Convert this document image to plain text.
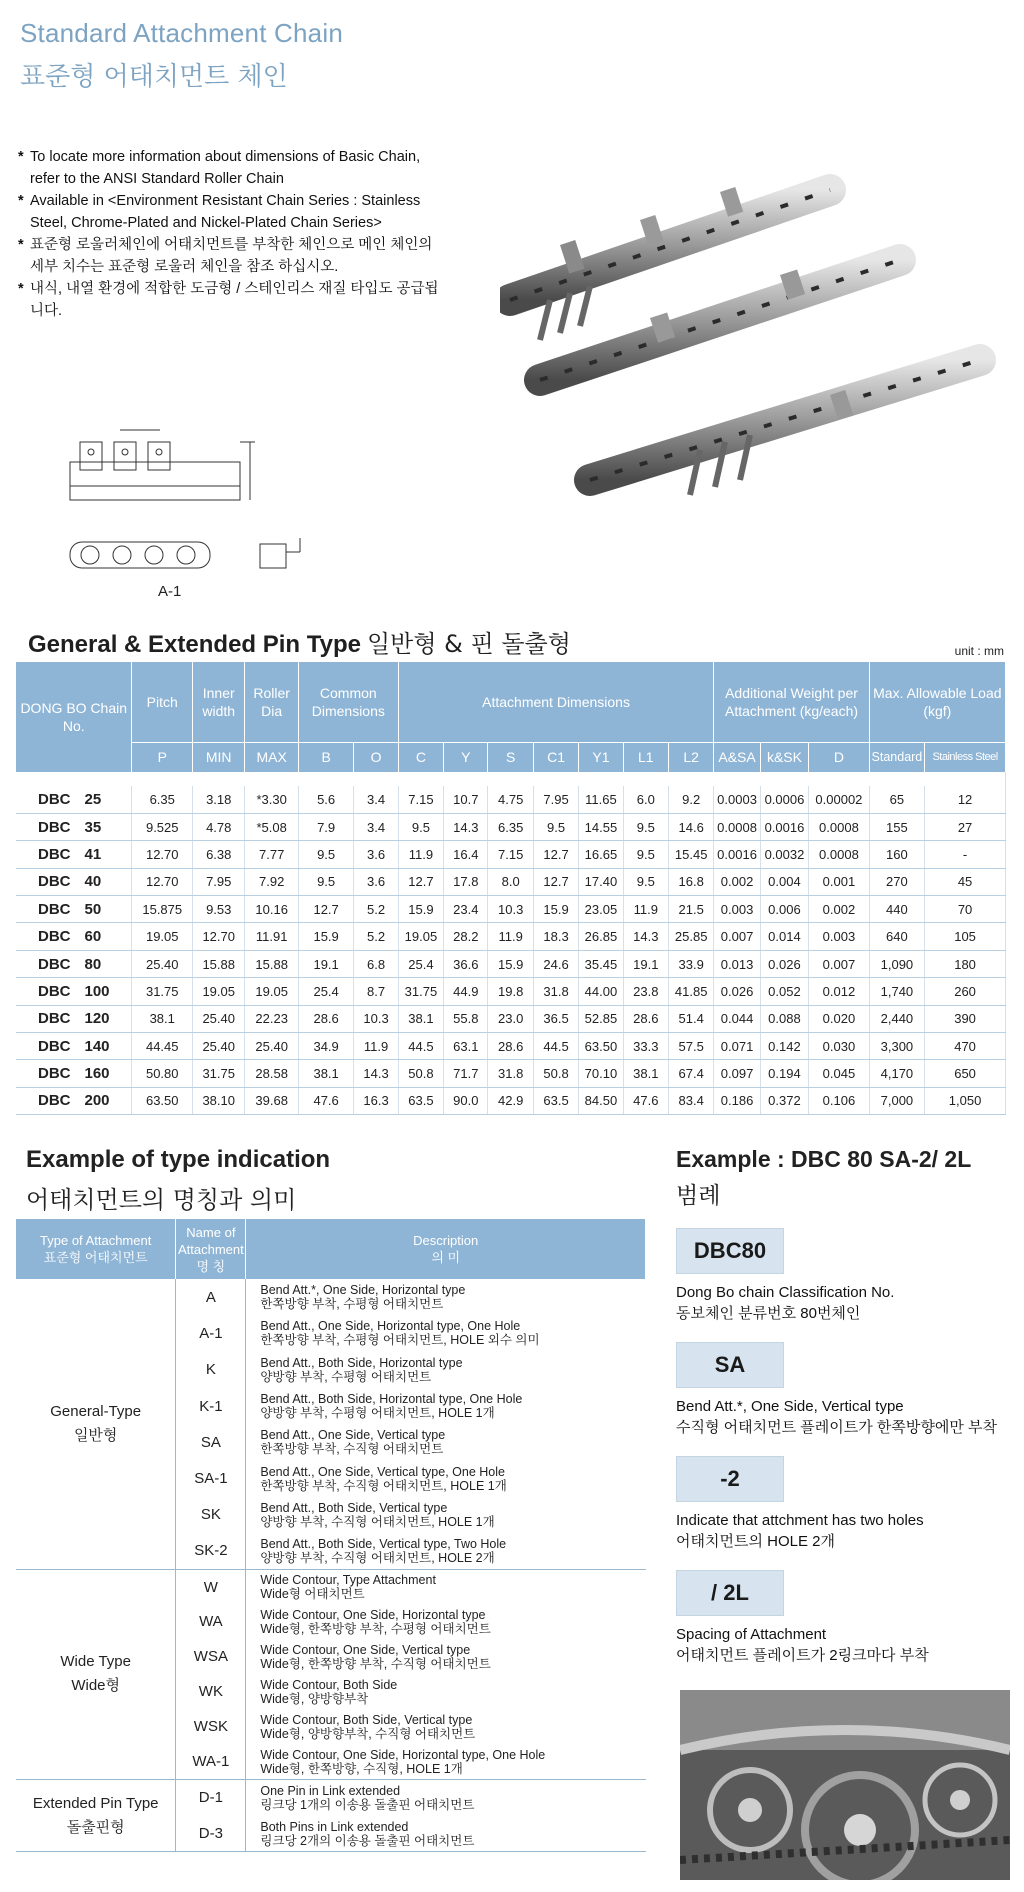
Standard Attachment Chain
표준형 어태치먼트 체인
* To locate more information about dimensions of Basic Chain, refer to the ANSI Standard Roller Chain
* Available in <Environment Resistant Chain Series : Stainless Steel, Chrome-Plated and Nickel-Plated Chain Series>
* 표준형 로울러체인에 어태치먼트를 부착한 체인으로 메인 체인의 세부 치수는 표준형 로울러 체인을 참조 하십시오.
* 내식, 내열 환경에 적합한 도금형 / 스테인리스 재질 타입도 공급됩니다.
A-1
General & Extended Pin Type 일반형 & 핀 돌출형	unit : mm
DONG BO Chain No.	Pitch	Inner width	Roller Dia	Common Dimensions		Attachment Dimensions							Additional Weight per Attachment (kg/each)			Max. Allowable Load (kgf)	
	P	MIN	MAX	B	O	C	Y	S	C1	Y1	L1	L2	A&SA	k&SK	D	Standard	Stainless Steel

DBC 25	6.35	3.18	*3.30	5.6	3.4	7.15	10.7	4.75	7.95	11.65	6.0	9.2	0.0003	0.0006	0.00002	65	12
DBC 35	9.525	4.78	*5.08	7.9	3.4	9.5	14.3	6.35	9.5	14.55	9.5	14.6	0.0008	0.0016	0.0008	155	27
DBC 41	12.70	6.38	7.77	9.5	3.6	11.9	16.4	7.15	12.7	16.65	9.5	15.45	0.0016	0.0032	0.0008	160	-
DBC 40	12.70	7.95	7.92	9.5	3.6	12.7	17.8	8.0	12.7	17.40	9.5	16.8	0.002	0.004	0.001	270	45
DBC 50	15.875	9.53	10.16	12.7	5.2	15.9	23.4	10.3	15.9	23.05	11.9	21.5	0.003	0.006	0.002	440	70
DBC 60	19.05	12.70	11.91	15.9	5.2	19.05	28.2	11.9	18.3	26.85	14.3	25.85	0.007	0.014	0.003	640	105
DBC 80	25.40	15.88	15.88	19.1	6.8	25.4	36.6	15.9	24.6	35.45	19.1	33.9	0.013	0.026	0.007	1,090	180
DBC 100	31.75	19.05	19.05	25.4	8.7	31.75	44.9	19.8	31.8	44.00	23.8	41.85	0.026	0.052	0.012	1,740	260
DBC 120	38.1	25.40	22.23	28.6	10.3	38.1	55.8	23.0	36.5	52.85	28.6	51.4	0.044	0.088	0.020	2,440	390
DBC 140	44.45	25.40	25.40	34.9	11.9	44.5	63.1	28.6	44.5	63.50	33.3	57.5	0.071	0.142	0.030	3,300	470
DBC 160	50.80	31.75	28.58	38.1	14.3	50.8	71.7	31.8	50.8	70.10	38.1	67.4	0.097	0.194	0.045	4,170	650
DBC 200	63.50	38.10	39.68	47.6	16.3	63.5	90.0	42.9	63.5	84.50	47.6	83.4	0.186	0.372	0.106	7,000	1,050
Example of type indication
어태치먼트의 명칭과 의미
Type of Attachment
표준형 어태치먼트	Name of Attachment
명 칭	Description
의 미
General-Type
일반형	A	Bend Att.*, One Side, Horizontal type
한쪽방향 부착, 수평형 어태치먼트
	A-1	Bend Att., One Side, Horizontal type, One Hole
한쪽방향 부착, 수평형 어태치먼트, HOLE 외수 의미
	K	Bend Att., Both Side, Horizontal type
양방향 부착, 수평형 어태치먼트
	K-1	Bend Att., Both Side, Horizontal type, One Hole
양방향 부착, 수평형 어태치먼트, HOLE 1개
	SA	Bend Att., One Side, Vertical type
한쪽방향 부착, 수직형 어태치먼트
	SA-1	Bend Att., One Side, Vertical type, One Hole
한쪽방향 부착, 수직형 어태치먼트, HOLE 1개
	SK	Bend Att., Both Side, Vertical type
양방향 부착, 수직형 어태치먼트, HOLE 1개
	SK-2	Bend Att., Both Side, Vertical type, Two Hole
양방향 부착, 수직형 어태치먼트, HOLE 2개
Wide Type
Wide형	W	Wide Contour, Type Attachment
Wide형 어태치먼트
	WA	Wide Contour, One Side, Horizontal type
Wide형, 한쪽방향 부착, 수평형 어태치먼트
	WSA	Wide Contour, One Side, Vertical type
Wide형, 한쪽방향 부착, 수직형 어태치먼트
	WK	Wide Contour, Both Side
Wide형, 양방향부착
	WSK	Wide Contour, Both Side, Vertical type
Wide형, 양방향부착, 수직형 어태치먼트
	WA-1	Wide Contour, One Side, Horizontal type, One Hole
Wide형, 한쪽방향, 수직형, HOLE 1개
Extended Pin Type
돌출핀형	D-1	One Pin in Link extended
링크당 1개의 이송용 돌출핀 어태치먼트
	D-3	Both Pins in Link extended
링크당 2개의 이송용 돌출핀 어태치먼트
Example : DBC 80 SA-2/ 2L
범례
DBC80
Dong Bo chain Classification No.
동보체인 분류번호 80번체인
SA
Bend Att.*, One Side, Vertical type
수직형 어태치먼트 플레이트가 한쪽방향에만 부착
-2
Indicate that attchment has two holes
어태치먼트의 HOLE 2개
/ 2L
Spacing of Attachment
어태치먼트 플레이트가 2링크마다 부착
